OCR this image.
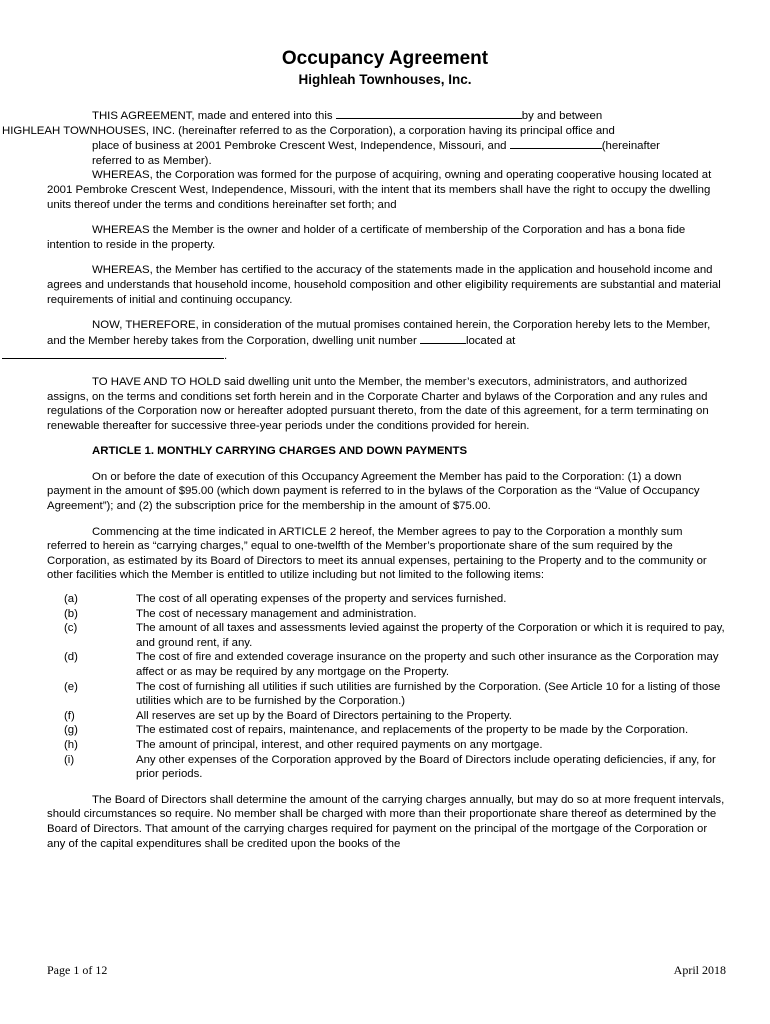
Occupancy Agreement
Highleah Townhouses, Inc.

THIS AGREEMENT, made and entered into this	by and between
HIGHLEAH TOWNHOUSES, INC. (hereinafter referred to as the Corporation), a corporation having its principal office and

place of business at 2001 Pembroke Crescent West, Independence, Missouri, and	(hereinafter
referred to as Member).

WHEREAS, the Corporation was formed for the purpose of acquiring, owning and operating cooperative housing located at 2001 Pembroke Crescent West, Independence, Missouri, with the intent that its members shall have the right to occupy the dwelling units thereof under the terms and conditions hereinafter set forth; and

WHEREAS the Member is the owner and holder of a certificate of membership of the Corporation and has a bona fide intention to reside in the property.

WHEREAS, the Member has certified to the accuracy of the statements made in the application and household income and agrees and understands that household income, household composition and other eligibility requirements are substantial and material requirements of initial and continuing occupancy.

NOW, THEREFORE, in consideration of the mutual promises contained herein, the Corporation hereby lets to the Member, and the Member hereby takes from the Corporation, dwelling unit number	located at
.

TO HAVE AND TO HOLD said dwelling unit unto the Member, the member’s executors, administrators, and authorized assigns, on the terms and conditions set forth herein and in the Corporate Charter and bylaws of the Corporation and any rules and regulations of the Corporation now or hereafter adopted pursuant thereto, from the date of this agreement, for a term terminating on renewable thereafter for successive three-year periods under the conditions provided for herein.

ARTICLE 1. MONTHLY CARRYING CHARGES AND DOWN PAYMENTS

On or before the date of execution of this Occupancy Agreement the Member has paid to the Corporation: (1) a down payment in the amount of $95.00 (which down payment is referred to in the bylaws of the Corporation as the “Value of Occupancy Agreement”); and (2) the subscription price for the membership in the amount of $75.00.

Commencing at the time indicated in ARTICLE 2 hereof, the Member agrees to pay to the Corporation a monthly sum referred to herein as “carrying charges,” equal to one-twelfth of the Member’s proportionate share of the sum required by the Corporation, as estimated by its Board of Directors to meet its annual expenses, pertaining to the Property and to the community or other facilities which the Member is entitled to utilize including but not limited to the following items:

(a)	The cost of all operating expenses of the property and services furnished.
(b)	The cost of necessary management and administration.
(c)	The amount of all taxes and assessments levied against the property of the Corporation or which it is required to pay, and ground rent, if any.
(d)	The cost of fire and extended coverage insurance on the property and such other insurance as the Corporation may affect or as may be required by any mortgage on the Property.
(e)	The cost of furnishing all utilities if such utilities are furnished by the Corporation. (See Article 10 for a listing of those utilities which are to be furnished by the Corporation.)
(f)	All reserves are set up by the Board of Directors pertaining to the Property.
(g)	The estimated cost of repairs, maintenance, and replacements of the property to be made by the Corporation.
(h)	The amount of principal, interest, and other required payments on any mortgage.
(i)	Any other expenses of the Corporation approved by the Board of Directors include operating deficiencies, if any, for prior periods.

The Board of Directors shall determine the amount of the carrying charges annually, but may do so at more frequent intervals, should circumstances so require. No member shall be charged with more than their proportionate share thereof as determined by the Board of Directors. That amount of the carrying charges required for payment on the principal of the mortgage of the Corporation or any of the capital expenditures shall be credited upon the books of the

Page 1 of 12	April 2018
